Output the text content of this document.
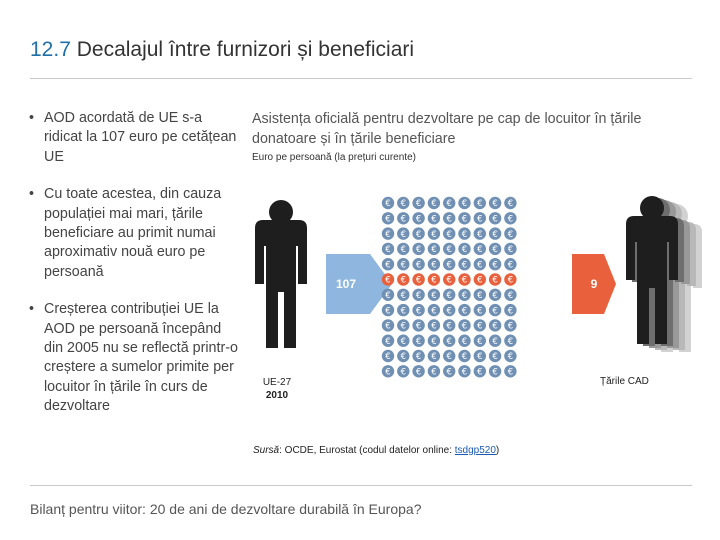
12.7 Decalajul între furnizori și beneficiari
• AOD acordată de UE s-a ridicat la 107 euro pe cetățean UE
• Cu toate acestea, din cauza populației mai mari, țările beneficiare au primit numai aproximativ nouă euro pe persoană
• Creșterea contribuției UE la AOD pe persoană începând din 2005 nu se reflectă printr-o creștere a sumelor primite per locuitor în țările în curs de dezvoltare
Asistența oficială pentru dezvoltare pe cap de locuitor în țările donatoare și în țările beneficiare
Euro pe persoană (la prețuri curente)
107
€ € € € € € € € €
€ € € € € € € € €
€ € € € € € € € €
€ € € € € € € € €
€ € € € € € € € €
€ € € € € € € € €
€ € € € € € € € €
€ € € € € € € € €
€ € € € € € € € €
€ € € € € € € € €
€ € € € € € € € €
€ € € € € € € € €
9
UE-27
2010
Țările CAD
Sursă: OCDE, Eurostat (codul datelor online: tsdgp520)
Bilanț pentru viitor: 20 de ani de dezvoltare durabilă în Europa?
